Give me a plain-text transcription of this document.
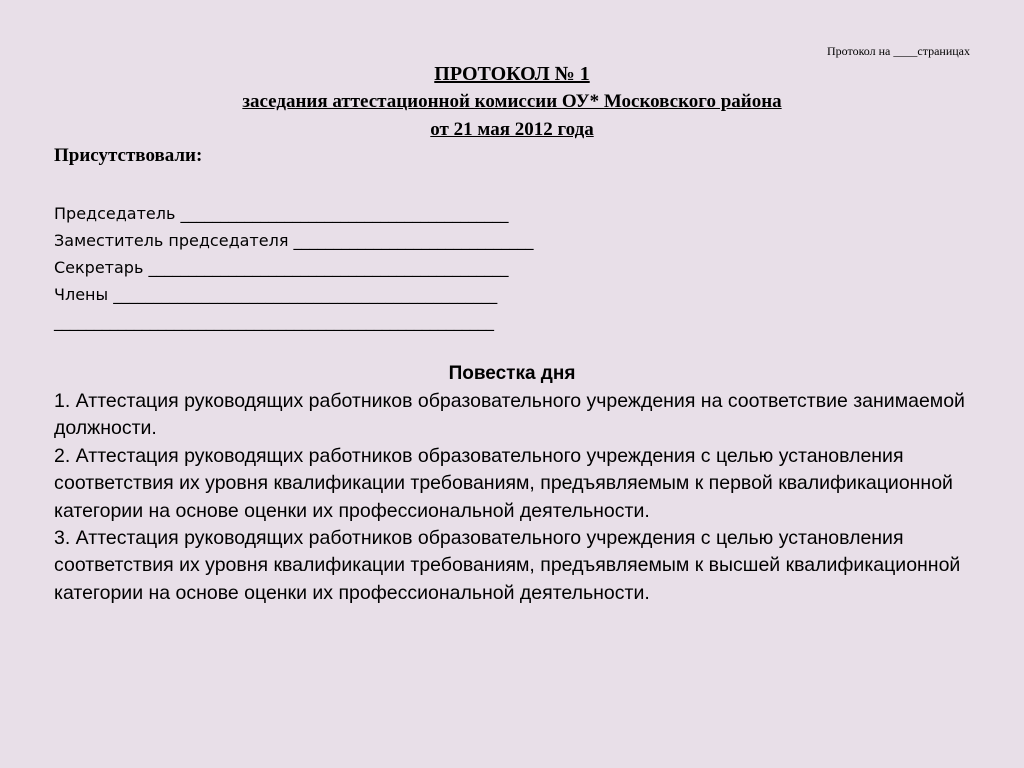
Протокол на ____страницах
ПРОТОКОЛ № 1
заседания аттестационной комиссии ОУ* Московского района
от 21 мая 2012 года
Присутствовали:
Председатель _________________________________________
Заместитель председателя ______________________________
Секретарь _____________________________________________
Члены ________________________________________________
_______________________________________________________
Повестка дня

1. Аттестация руководящих работников образовательного учреждения на соответствие занимаемой должности.

2. Аттестация руководящих работников образовательного учреждения с целью установления соответствия их уровня квалификации требованиям, предъявляемым к первой квалификационной категории на основе оценки их профессиональной деятельности.

3. Аттестация руководящих работников образовательного учреждения с целью установления соответствия их уровня квалификации требованиям, предъявляемым к высшей квалификационной категории на основе оценки их профессиональной деятельности.
